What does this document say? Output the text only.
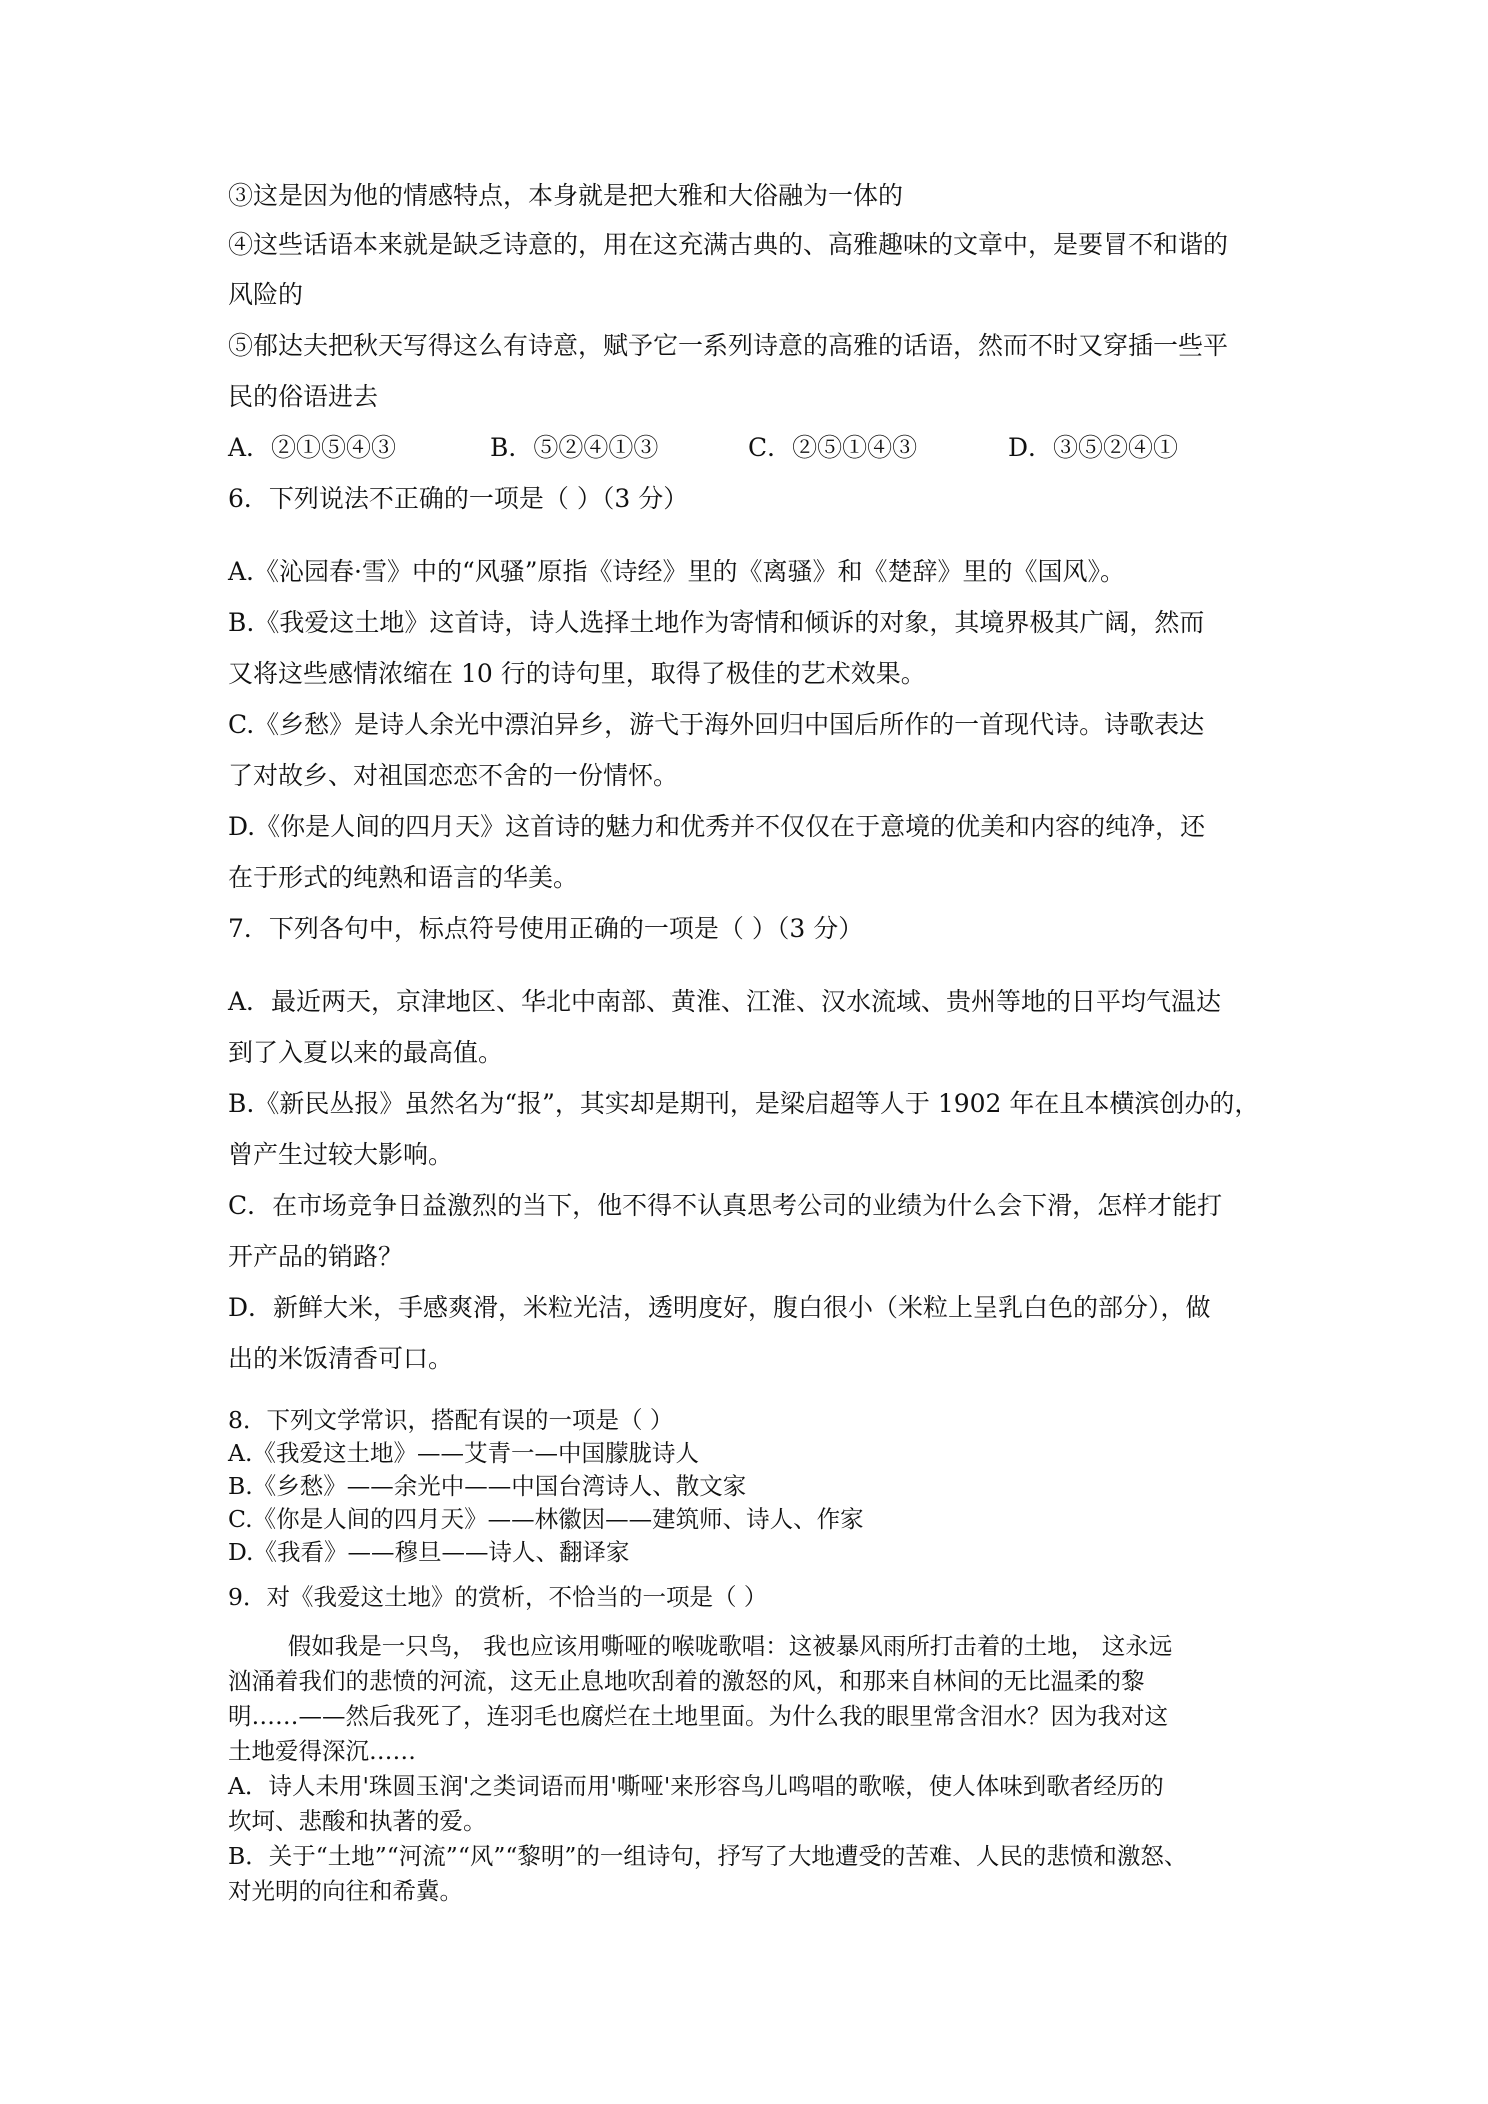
③这是因为他的情感特点，本身就是把大雅和大俗融为一体的
④这些话语本来就是缺乏诗意的，用在这充满古典的、高雅趣味的文章中，是要冒不和谐的
风险的
⑤郁达夫把秋天写得这么有诗意，赋予它一系列诗意的高雅的话语，然而不时又穿插一些平
民的俗语进去
A．②①⑤④③	B．⑤②④①③	C．②⑤①④③	D．③⑤②④①
6．下列说法不正确的一项是（ ）（3 分）
A.《沁园春·雪》中的“风骚”原指《诗经》里的《离骚》和《楚辞》里的《国风》。
B.《我爱这土地》这首诗，诗人选择土地作为寄情和倾诉的对象，其境界极其广阔，然而
又将这些感情浓缩在 10 行的诗句里，取得了极佳的艺术效果。
C.《乡愁》是诗人余光中漂泊异乡，游弋于海外回归中国后所作的一首现代诗。诗歌表达
了对故乡、对祖国恋恋不舍的一份情怀。
D.《你是人间的四月天》这首诗的魅力和优秀并不仅仅在于意境的优美和内容的纯净，还
在于形式的纯熟和语言的华美。
7．下列各句中，标点符号使用正确的一项是（ ）（3 分）
A．最近两天，京津地区、华北中南部、黄淮、江淮、汉水流域、贵州等地的日平均气温达
到了入夏以来的最高值。
B.《新民丛报》虽然名为“报”，其实却是期刊，是梁启超等人于 1902 年在且本横滨创办的，
曾产生过较大影响。
C．在市场竞争日益激烈的当下，他不得不认真思考公司的业绩为什么会下滑，怎样才能打
开产品的销路？
D．新鲜大米，手感爽滑，米粒光洁，透明度好，腹白很小（米粒上呈乳白色的部分），做
出的米饭清香可口。
8．下列文学常识，搭配有误的一项是（ ）
A.《我爱这土地》——艾青一—中国朦胧诗人
B.《乡愁》——余光中——中国台湾诗人、散文家
C.《你是人间的四月天》——林徽因——建筑师、诗人、作家
D.《我看》——穆旦——诗人、翻译家
9．对《我爱这土地》的赏析，不恰当的一项是（ ）
假如我是一只鸟， 我也应该用嘶哑的喉咙歌唱：这被暴风雨所打击着的土地， 这永远
汹涌着我们的悲愤的河流，这无止息地吹刮着的激怒的风，和那来自林间的无比温柔的黎
明……——然后我死了，连羽毛也腐烂在土地里面。为什么我的眼里常含泪水？因为我对这
土地爱得深沉……
A．诗人未用'珠圆玉润'之类词语而用'嘶哑'来形容鸟儿鸣唱的歌喉，使人体味到歌者经历的
坎坷、悲酸和执著的爱。
B．关于“土地”“河流”“风”“黎明”的一组诗句，抒写了大地遭受的苦难、人民的悲愤和激怒、
对光明的向往和希冀。
